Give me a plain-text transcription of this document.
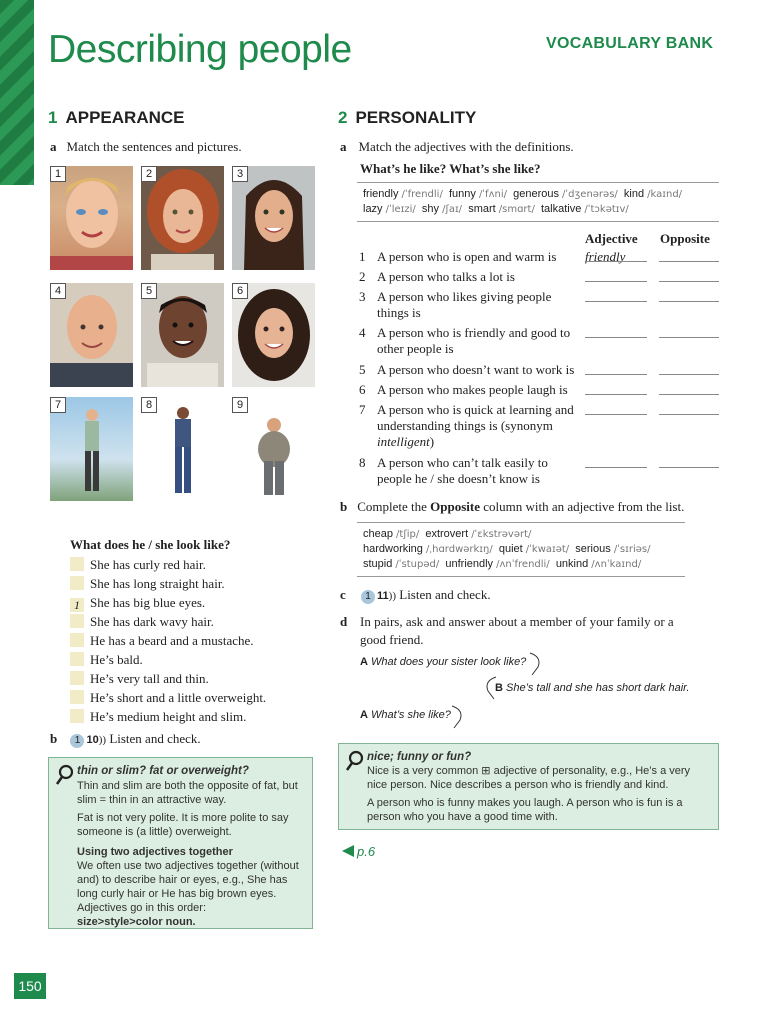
Describing people	VOCABULARY BANK
1 APPEARANCE
a Match the sentences and pictures.
1	2	3
4	5	6
7	8	9
What does he / she look like?
She has curly red hair.
She has long straight hair.
1 She has big blue eyes.
She has dark wavy hair.
He has a beard and a mustache.
He’s bald.
He’s very tall and thin.
He’s short and a little overweight.
He’s medium height and slim.
b 1 10)) Listen and check.
thin or slim? fat or overweight?
Thin and slim are both the opposite of fat, but slim = thin in an attractive way.
Fat is not very polite. It is more polite to say someone is (a little) overweight.
Using two adjectives together
We often use two adjectives together (without and) to describe hair or eyes, e.g., She has long curly hair or He has big brown eyes. Adjectives go in this order:
size>style>color noun.
150
2 PERSONALITY
a Match the adjectives with the definitions.
What’s he like? What’s she like?
friendly /ˈfrendli/ funny /ˈfʌni/ generous /ˈdʒenərəs/ kind /kaɪnd/
lazy /ˈleɪzi/ shy /ʃaɪ/ smart /smɑrt/ talkative /ˈtɔkətɪv/
Adjective Opposite
1 A person who is open and warm is	friendly
2 A person who talks a lot is
3 A person who likes giving people things is
4 A person who is friendly and good to other people is
5 A person who doesn’t want to work is
6 A person who makes people laugh is
7 A person who is quick at learning and understanding things is (synonym intelligent)
8 A person who can’t talk easily to people he / she doesn’t know is
b Complete the Opposite column with an adjective from the list.
cheap /tʃip/ extrovert /ˈɛkstrəvərt/
hardworking /ˌhɑrdwərkɪŋ/ quiet /ˈkwaɪət/ serious /ˈsɪriəs/
stupid /ˈstupəd/ unfriendly /ʌnˈfrendli/ unkind /ʌnˈkaɪnd/
c 1 11)) Listen and check.
d In pairs, ask and answer about a member of your family or a good friend.
A What does your sister look like?
B She’s tall and she has short dark hair.
A What’s she like?
nice; funny or fun?
Nice is a very common ⊞ adjective of personality, e.g., He’s a very nice person. Nice describes a person who is friendly and kind.
A person who is funny makes you laugh. A person who is fun is a person who you have a good time with.
p.6
